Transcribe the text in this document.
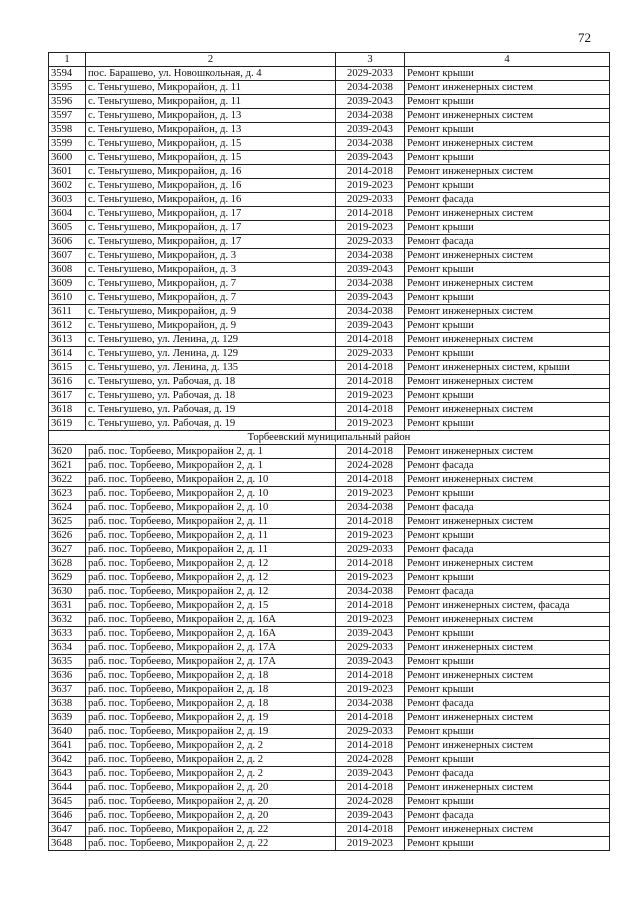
72
1	2	3	4
3594	пос. Барашево, ул. Новошкольная, д. 4	2029-2033	Ремонт крыши
3595	с. Теньгушево, Микрорайон, д. 11	2034-2038	Ремонт инженерных систем
3596	с. Теньгушево, Микрорайон, д. 11	2039-2043	Ремонт крыши
3597	с. Теньгушево, Микрорайон, д. 13	2034-2038	Ремонт инженерных систем
3598	с. Теньгушево, Микрорайон, д. 13	2039-2043	Ремонт крыши
3599	с. Теньгушево, Микрорайон, д. 15	2034-2038	Ремонт инженерных систем
3600	с. Теньгушево, Микрорайон, д. 15	2039-2043	Ремонт крыши
3601	с. Теньгушево, Микрорайон, д. 16	2014-2018	Ремонт инженерных систем
3602	с. Теньгушево, Микрорайон, д. 16	2019-2023	Ремонт крыши
3603	с. Теньгушево, Микрорайон, д. 16	2029-2033	Ремонт фасада
3604	с. Теньгушево, Микрорайон, д. 17	2014-2018	Ремонт инженерных систем
3605	с. Теньгушево, Микрорайон, д. 17	2019-2023	Ремонт крыши
3606	с. Теньгушево, Микрорайон, д. 17	2029-2033	Ремонт фасада
3607	с. Теньгушево, Микрорайон, д. 3	2034-2038	Ремонт инженерных систем
3608	с. Теньгушево, Микрорайон, д. 3	2039-2043	Ремонт крыши
3609	с. Теньгушево, Микрорайон, д. 7	2034-2038	Ремонт инженерных систем
3610	с. Теньгушево, Микрорайон, д. 7	2039-2043	Ремонт крыши
3611	с. Теньгушево, Микрорайон, д. 9	2034-2038	Ремонт инженерных систем
3612	с. Теньгушево, Микрорайон, д. 9	2039-2043	Ремонт крыши
3613	с. Теньгушево, ул. Ленина, д. 129	2014-2018	Ремонт инженерных систем
3614	с. Теньгушево, ул. Ленина, д. 129	2029-2033	Ремонт крыши
3615	с. Теньгушево, ул. Ленина, д. 135	2014-2018	Ремонт инженерных систем, крыши
3616	с. Теньгушево, ул. Рабочая, д. 18	2014-2018	Ремонт инженерных систем
3617	с. Теньгушево, ул. Рабочая, д. 18	2019-2023	Ремонт крыши
3618	с. Теньгушево, ул. Рабочая, д. 19	2014-2018	Ремонт инженерных систем
3619	с. Теньгушево, ул. Рабочая, д. 19	2019-2023	Ремонт крыши
Торбеевский муниципальный район			
3620	раб. пос. Торбеево, Микрорайон 2, д. 1	2014-2018	Ремонт инженерных систем
3621	раб. пос. Торбеево, Микрорайон 2, д. 1	2024-2028	Ремонт фасада
3622	раб. пос. Торбеево, Микрорайон 2, д. 10	2014-2018	Ремонт инженерных систем
3623	раб. пос. Торбеево, Микрорайон 2, д. 10	2019-2023	Ремонт крыши
3624	раб. пос. Торбеево, Микрорайон 2, д. 10	2034-2038	Ремонт фасада
3625	раб. пос. Торбеево, Микрорайон 2, д. 11	2014-2018	Ремонт инженерных систем
3626	раб. пос. Торбеево, Микрорайон 2, д. 11	2019-2023	Ремонт крыши
3627	раб. пос. Торбеево, Микрорайон 2, д. 11	2029-2033	Ремонт фасада
3628	раб. пос. Торбеево, Микрорайон 2, д. 12	2014-2018	Ремонт инженерных систем
3629	раб. пос. Торбеево, Микрорайон 2, д. 12	2019-2023	Ремонт крыши
3630	раб. пос. Торбеево, Микрорайон 2, д. 12	2034-2038	Ремонт фасада
3631	раб. пос. Торбеево, Микрорайон 2, д. 15	2014-2018	Ремонт инженерных систем, фасада
3632	раб. пос. Торбеево, Микрорайон 2, д. 16А	2019-2023	Ремонт инженерных систем
3633	раб. пос. Торбеево, Микрорайон 2, д. 16А	2039-2043	Ремонт крыши
3634	раб. пос. Торбеево, Микрорайон 2, д. 17А	2029-2033	Ремонт инженерных систем
3635	раб. пос. Торбеево, Микрорайон 2, д. 17А	2039-2043	Ремонт крыши
3636	раб. пос. Торбеево, Микрорайон 2, д. 18	2014-2018	Ремонт инженерных систем
3637	раб. пос. Торбеево, Микрорайон 2, д. 18	2019-2023	Ремонт крыши
3638	раб. пос. Торбеево, Микрорайон 2, д. 18	2034-2038	Ремонт фасада
3639	раб. пос. Торбеево, Микрорайон 2, д. 19	2014-2018	Ремонт инженерных систем
3640	раб. пос. Торбеево, Микрорайон 2, д. 19	2029-2033	Ремонт крыши
3641	раб. пос. Торбеево, Микрорайон 2, д. 2	2014-2018	Ремонт инженерных систем
3642	раб. пос. Торбеево, Микрорайон 2, д. 2	2024-2028	Ремонт крыши
3643	раб. пос. Торбеево, Микрорайон 2, д. 2	2039-2043	Ремонт фасада
3644	раб. пос. Торбеево, Микрорайон 2, д. 20	2014-2018	Ремонт инженерных систем
3645	раб. пос. Торбеево, Микрорайон 2, д. 20	2024-2028	Ремонт крыши
3646	раб. пос. Торбеево, Микрорайон 2, д. 20	2039-2043	Ремонт фасада
3647	раб. пос. Торбеево, Микрорайон 2, д. 22	2014-2018	Ремонт инженерных систем
3648	раб. пос. Торбеево, Микрорайон 2, д. 22	2019-2023	Ремонт крыши
